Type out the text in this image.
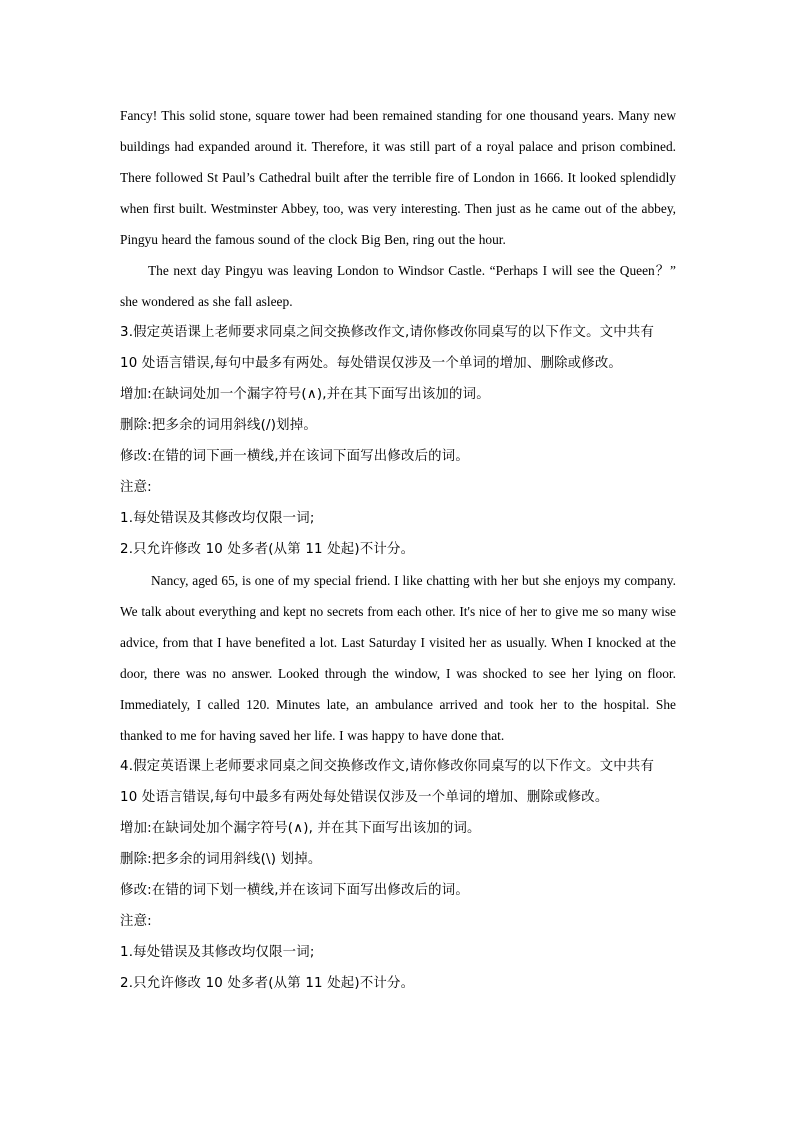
Fancy! This solid stone, square tower had been remained standing for one thousand years. Many new buildings had expanded around it. Therefore, it was still part of a royal palace and prison combined. There followed St Paul’s Cathedral built after the terrible fire of London in 1666. It looked splendidly when first built. Westminster Abbey, too, was very interesting. Then just as he came out of the abbey, Pingyu heard the famous sound of the clock Big Ben, ring out the hour.

The next day Pingyu was leaving London to Windsor Castle. “Perhaps I will see the Queen？” she wondered as she fall asleep.

3.假定英语课上老师要求同桌之间交换修改作文,请你修改你同桌写的以下作文。文中共有

10 处语言错误,每句中最多有两处。每处错误仅涉及一个单词的增加、删除或修改。

增加:在缺词处加一个漏字符号(∧),并在其下面写出该加的词。

删除:把多余的词用斜线(/)划掉。

修改:在错的词下画一横线,并在该词下面写出修改后的词。

注意:

1.每处错误及其修改均仅限一词;

2.只允许修改 10 处多者(从第 11 处起)不计分。

Nancy, aged 65, is one of my special friend. I like chatting with her but she enjoys my company. We talk about everything and kept no secrets from each other. It's nice of her to give me so many wise advice, from that I have benefited a lot. Last Saturday I visited her as usually. When I knocked at the door, there was no answer. Looked through the window, I was shocked to see her lying on floor. Immediately, I called 120. Minutes late, an ambulance arrived and took her to the hospital. She thanked to me for having saved her life. I was happy to have done that.

4.假定英语课上老师要求同桌之间交换修改作文,请你修改你同桌写的以下作文。文中共有

10 处语言错误,每句中最多有两处每处错误仅涉及一个单词的增加、删除或修改。

增加:在缺词处加个漏字符号(∧), 并在其下面写出该加的词。

删除:把多余的词用斜线(\) 划掉。

修改:在错的词下划一横线,并在该词下面写出修改后的词。

注意:

1.每处错误及其修改均仅限一词;

2.只允许修改 10 处多者(从第 11 处起)不计分。
